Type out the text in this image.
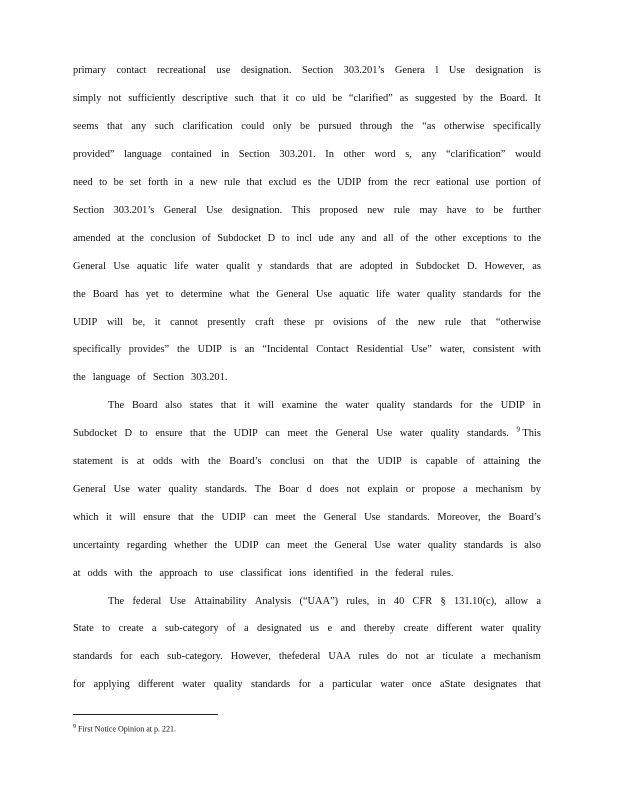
primary contact recreational use designation. Section 303.201’s Genera l Use designation is
simply not sufficiently descriptive such that it co uld be “clarified” as suggested by the Board. It
seems that any such clarification could only be pursued through the “as otherwise specifically
provided” language contained in Section 303.201. In other word s, any “clarification” would
need to be set forth in a new rule that exclud es the UDIP from the recr eational use portion of
Section 303.201’s General Use designation. This proposed new rule may have to be further
amended at the conclusion of Subdocket D to incl ude any and all of the other exceptions to the
General Use aquatic life water qualit y standards that are adopted in Subdocket D. However, as
the Board has yet to determine what the General Use aquatic life water quality standards for the
UDIP will be, it cannot presently craft these pr ovisions of the new rule that “otherwise
specifically provides” the UDIP is an “Incidental Contact Residential Use” water, consistent with
the language of Section 303.201.
The Board also states that it will examine the water quality standards for the UDIP in
Subdocket D to ensure that the UDIP can meet the General Use water quality standards. $^9$ This
statement is at odds with the Board’s conclusi on that the UDIP is capable of attaining the
General Use water quality standards. The Boar d does not explain or propose a mechanism by
which it will ensure that the UDIP can meet the General Use standards. Moreover, the Board’s
uncertainty regarding whether the UDIP can meet the General Use water quality standards is also
at odds with the approach to use classificat ions identified in the federal rules.
The federal Use Attainability Analysis (“UAA”) rules, in 40 CFR § 131.10(c), allow a
State to create a sub-category of a designated us e and thereby create different water quality
standards for each sub-category. However, thefederal UAA rules do not ar ticulate a mechanism
for applying different water quality standards for a particular water once aState designates that
$^9$ First Notice Opinion at p. 221.
